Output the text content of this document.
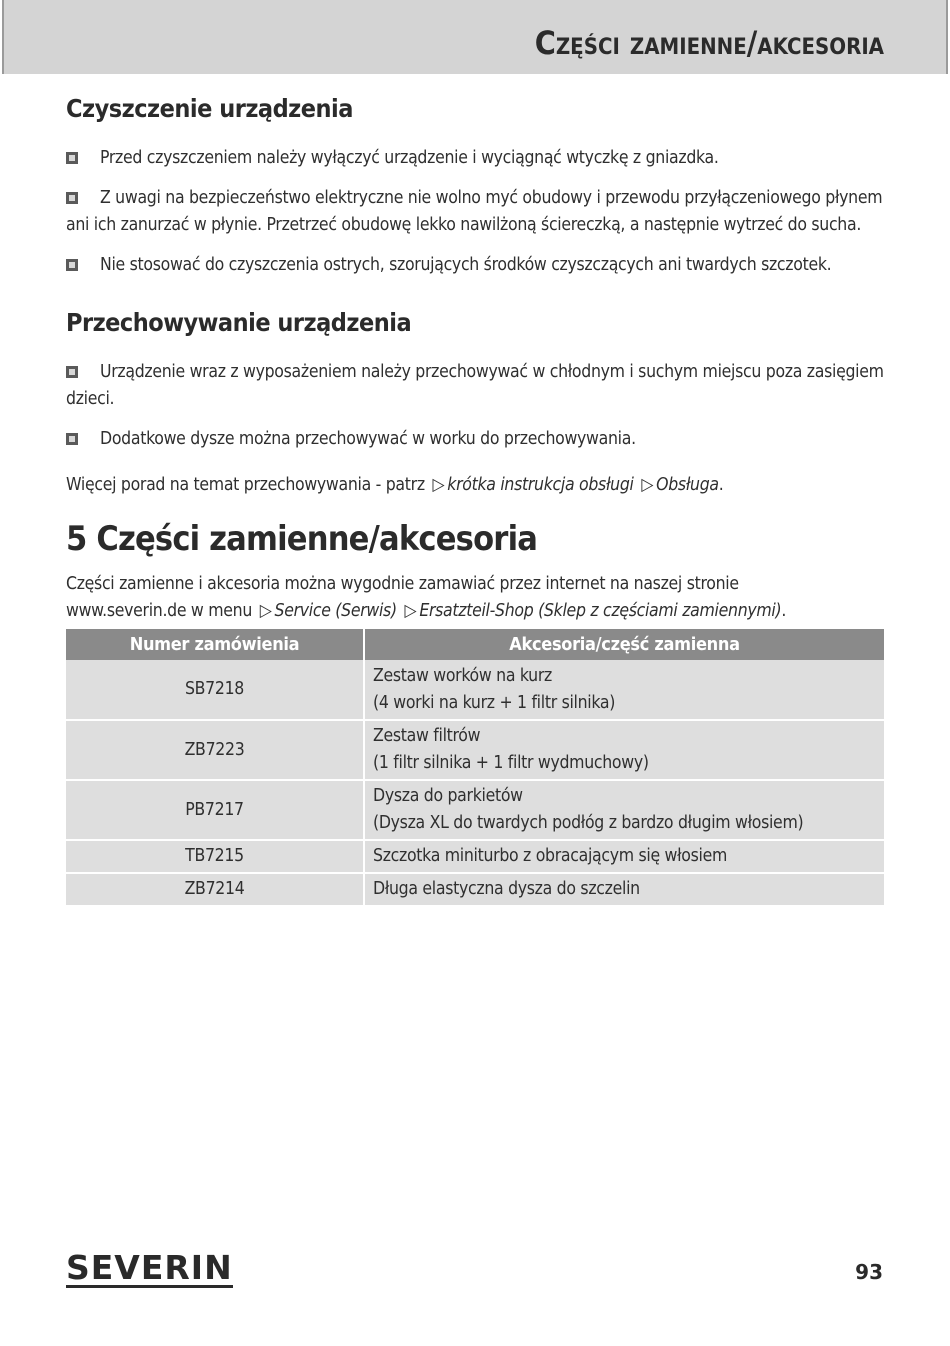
Części zamienne/akcesoria
Czyszczenie urządzenia

Przed czyszczeniem należy wyłączyć urządzenie i wyciągnąć wtyczkę z gniazdka.

Z uwagi na bezpieczeństwo elektryczne nie wolno myć obudowy i przewodu przyłączeniowego płynem ani ich zanurzać w płynie. Przetrzeć obudowę lekko nawilżoną ściereczką, a następnie wytrzeć do sucha.

Nie stosować do czyszczenia ostrych, szorujących środków czyszczących ani twardych szczotek.

Przechowywanie urządzenia

Urządzenie wraz z wyposażeniem należy przechowywać w chłodnym i suchym miejscu poza zasięgiem dzieci.

Dodatkowe dysze można przechowywać w worku do przechowywania.

Więcej porad na temat przechowywania - patrz ▷ krótka instrukcja obsługi ▷ Obsługa.

5 Części zamienne/akcesoria

Części zamienne i akcesoria można wygodnie zamawiać przez internet na naszej stronie
www.severin.de w menu ▷ Service (Serwis) ▷ Ersatzteil-Shop (Sklep z częściami zamiennymi).

Numer zamówienia	Akcesoria/część zamienna
SB7218	Zestaw worków na kurz
(4 worki na kurz + 1 filtr silnika)
ZB7223	Zestaw filtrów
(1 filtr silnika + 1 filtr wydmuchowy)
PB7217	Dysza do parkietów
(Dysza XL do twardych podłóg z bardzo długim włosiem)
TB7215	Szczotka miniturbo z obracającym się włosiem
ZB7214	Długa elastyczna dysza do szczelin
SEVERIN	93
